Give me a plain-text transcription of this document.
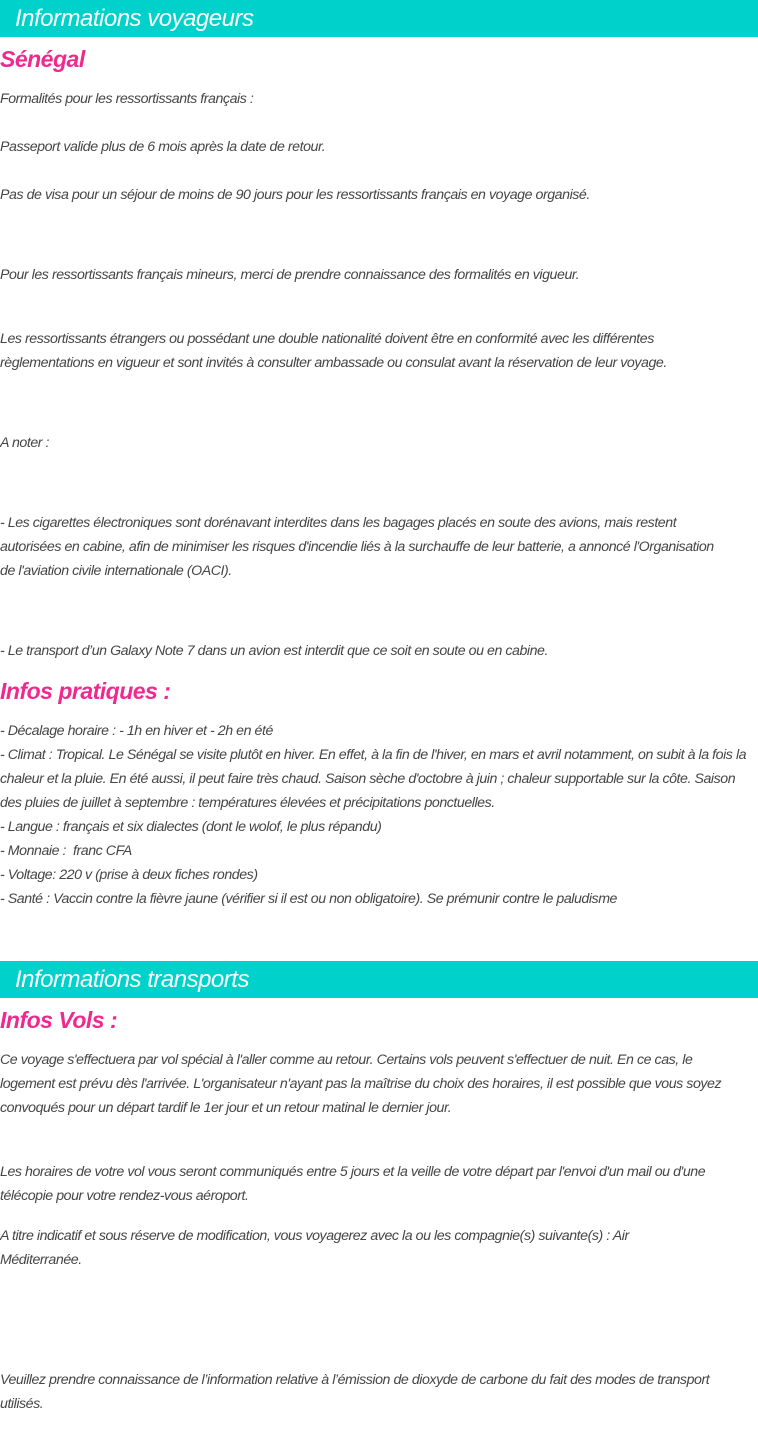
Informations voyageurs
Sénégal

Formalités pour les ressortissants français :

Passeport valide plus de 6 mois après la date de retour.

Pas de visa pour un séjour de moins de 90 jours pour les ressortissants français en voyage organisé.

Pour les ressortissants français mineurs, merci de prendre connaissance des formalités en vigueur.

Les ressortissants étrangers ou possédant une double nationalité doivent être en conformité avec les différentes règlementations en vigueur et sont invités à consulter ambassade ou consulat avant la réservation de leur voyage.

A noter :

- Les cigarettes électroniques sont dorénavant interdites dans les bagages placés en soute des avions, mais restent autorisées en cabine, afin de minimiser les risques d'incendie liés à la surchauffe de leur batterie, a annoncé l'Organisation de l'aviation civile internationale (OACI).

- Le transport d’un Galaxy Note 7 dans un avion est interdit que ce soit en soute ou en cabine.

Infos pratiques :

- Décalage horaire : - 1h en hiver et - 2h en été

- Climat : Tropical. Le Sénégal se visite plutôt en hiver. En effet, à la fin de l'hiver, en mars et avril notamment, on subit à la fois la chaleur et la pluie. En été aussi, il peut faire très chaud. Saison sèche d'octobre à juin ; chaleur supportable sur la côte. Saison des pluies de juillet à septembre : températures élevées et précipitations ponctuelles.

- Langue : français et six dialectes (dont le wolof, le plus répandu)

- Monnaie :  franc CFA

- Voltage: 220 v (prise à deux fiches rondes)

- Santé : Vaccin contre la fièvre jaune (vérifier si il est ou non obligatoire). Se prémunir contre le paludisme

Informations transports
Infos Vols :

Ce voyage s'effectuera par vol spécial à l'aller comme au retour. Certains vols peuvent s'effectuer de nuit. En ce cas, le logement est prévu dès l'arrivée. L'organisateur n'ayant pas la maîtrise du choix des horaires, il est possible que vous soyez convoqués pour un départ tardif le 1er jour et un retour matinal le dernier jour.

Les horaires de votre vol vous seront communiqués entre 5 jours et la veille de votre départ par l'envoi d'un mail ou d'une télécopie pour votre rendez-vous aéroport.

A titre indicatif et sous réserve de modification, vous voyagerez avec la ou les compagnie(s) suivante(s) : Air Méditerranée.

Veuillez prendre connaissance de l’information relative à l’émission de dioxyde de carbone du fait des modes de transport utilisés.
